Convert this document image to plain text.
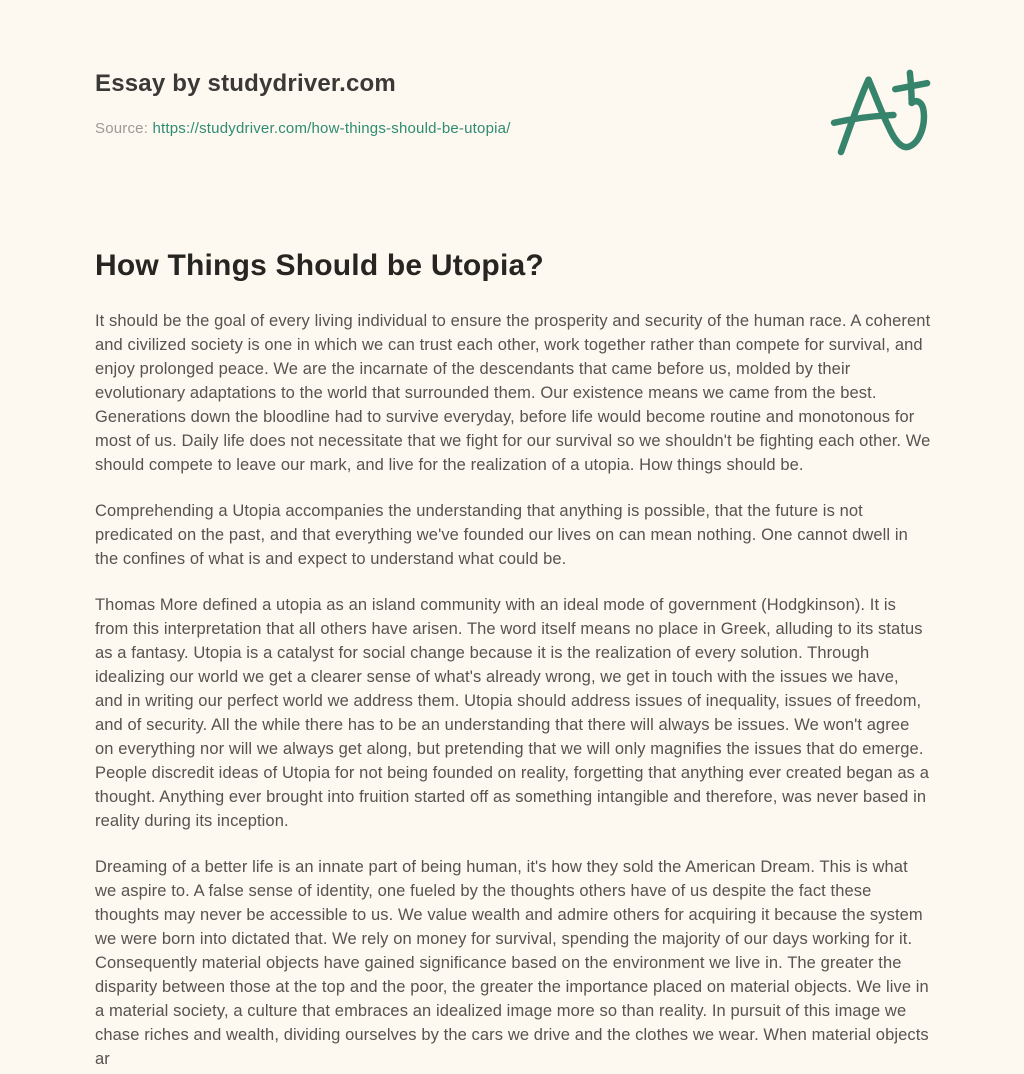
Essay by studydriver.com
Source: https://studydriver.com/how-things-should-be-utopia/
How Things Should be Utopia?

It should be the goal of every living individual to ensure the prosperity and security of the human race. A coherent and civilized society is one in which we can trust each other, work together rather than compete for survival, and enjoy prolonged peace. We are the incarnate of the descendants that came before us, molded by their evolutionary adaptations to the world that surrounded them. Our existence means we came from the best. Generations down the bloodline had to survive everyday, before life would become routine and monotonous for most of us. Daily life does not necessitate that we fight for our survival so we shouldn't be fighting each other. We should compete to leave our mark, and live for the realization of a utopia. How things should be.

Comprehending a Utopia accompanies the understanding that anything is possible, that the future is not predicated on the past, and that everything we've founded our lives on can mean nothing. One cannot dwell in the confines of what is and expect to understand what could be.

Thomas More defined a utopia as an island community with an ideal mode of government (Hodgkinson). It is from this interpretation that all others have arisen. The word itself means no place in Greek, alluding to its status as a fantasy. Utopia is a catalyst for social change because it is the realization of every solution. Through idealizing our world we get a clearer sense of what's already wrong, we get in touch with the issues we have, and in writing our perfect world we address them. Utopia should address issues of inequality, issues of freedom, and of security. All the while there has to be an understanding that there will always be issues. We won't agree on everything nor will we always get along, but pretending that we will only magnifies the issues that do emerge. People discredit ideas of Utopia for not being founded on reality, forgetting that anything ever created began as a thought. Anything ever brought into fruition started off as something intangible and therefore, was never based in reality during its inception.

Dreaming of a better life is an innate part of being human, it's how they sold the American Dream. This is what we aspire to. A false sense of identity, one fueled by the thoughts others have of us despite the fact these thoughts may never be accessible to us. We value wealth and admire others for acquiring it because the system we were born into dictated that. We rely on money for survival, spending the majority of our days working for it. Consequently material objects have gained significance based on the environment we live in. The greater the disparity between those at the top and the poor, the greater the importance placed on material objects. We live in a material society, a culture that embraces an idealized image more so than reality. In pursuit of this image we chase riches and wealth, dividing ourselves by the cars we drive and the clothes we wear. When material objects ar
